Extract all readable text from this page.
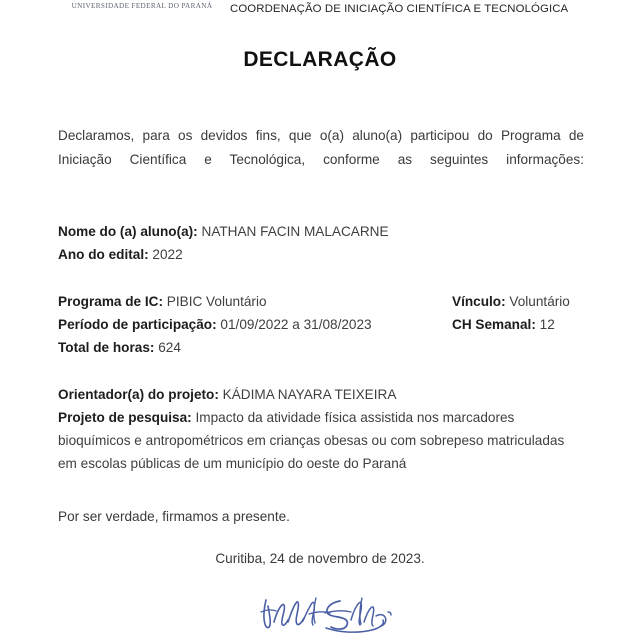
UNIVERSIDADE FEDERAL DO PARANÁ	COORDENAÇÃO DE INICIAÇÃO CIENTÍFICA E TECNOLÓGICA
DECLARAÇÃO

Declaramos, para os devidos fins, que o(a) aluno(a) participou do Programa de Iniciação Científica e Tecnológica, conforme as seguintes informações:

Nome do (a) aluno(a): NATHAN FACIN MALACARNE
Ano do edital: 2022
Programa de IC: PIBIC Voluntário	Vínculo: Voluntário
Período de participação: 01/09/2022 a 31/08/2023	CH Semanal: 12
Total de horas: 624
Orientador(a) do projeto: KÁDIMA NAYARA TEIXEIRA
Projeto de pesquisa: Impacto da atividade física assistida nos marcadores bioquímicos e antropométricos em crianças obesas ou com sobrepeso matriculadas em escolas públicas de um município do oeste do Paraná
Por ser verdade, firmamos a presente.
Curitiba, 24 de novembro de 2023.
